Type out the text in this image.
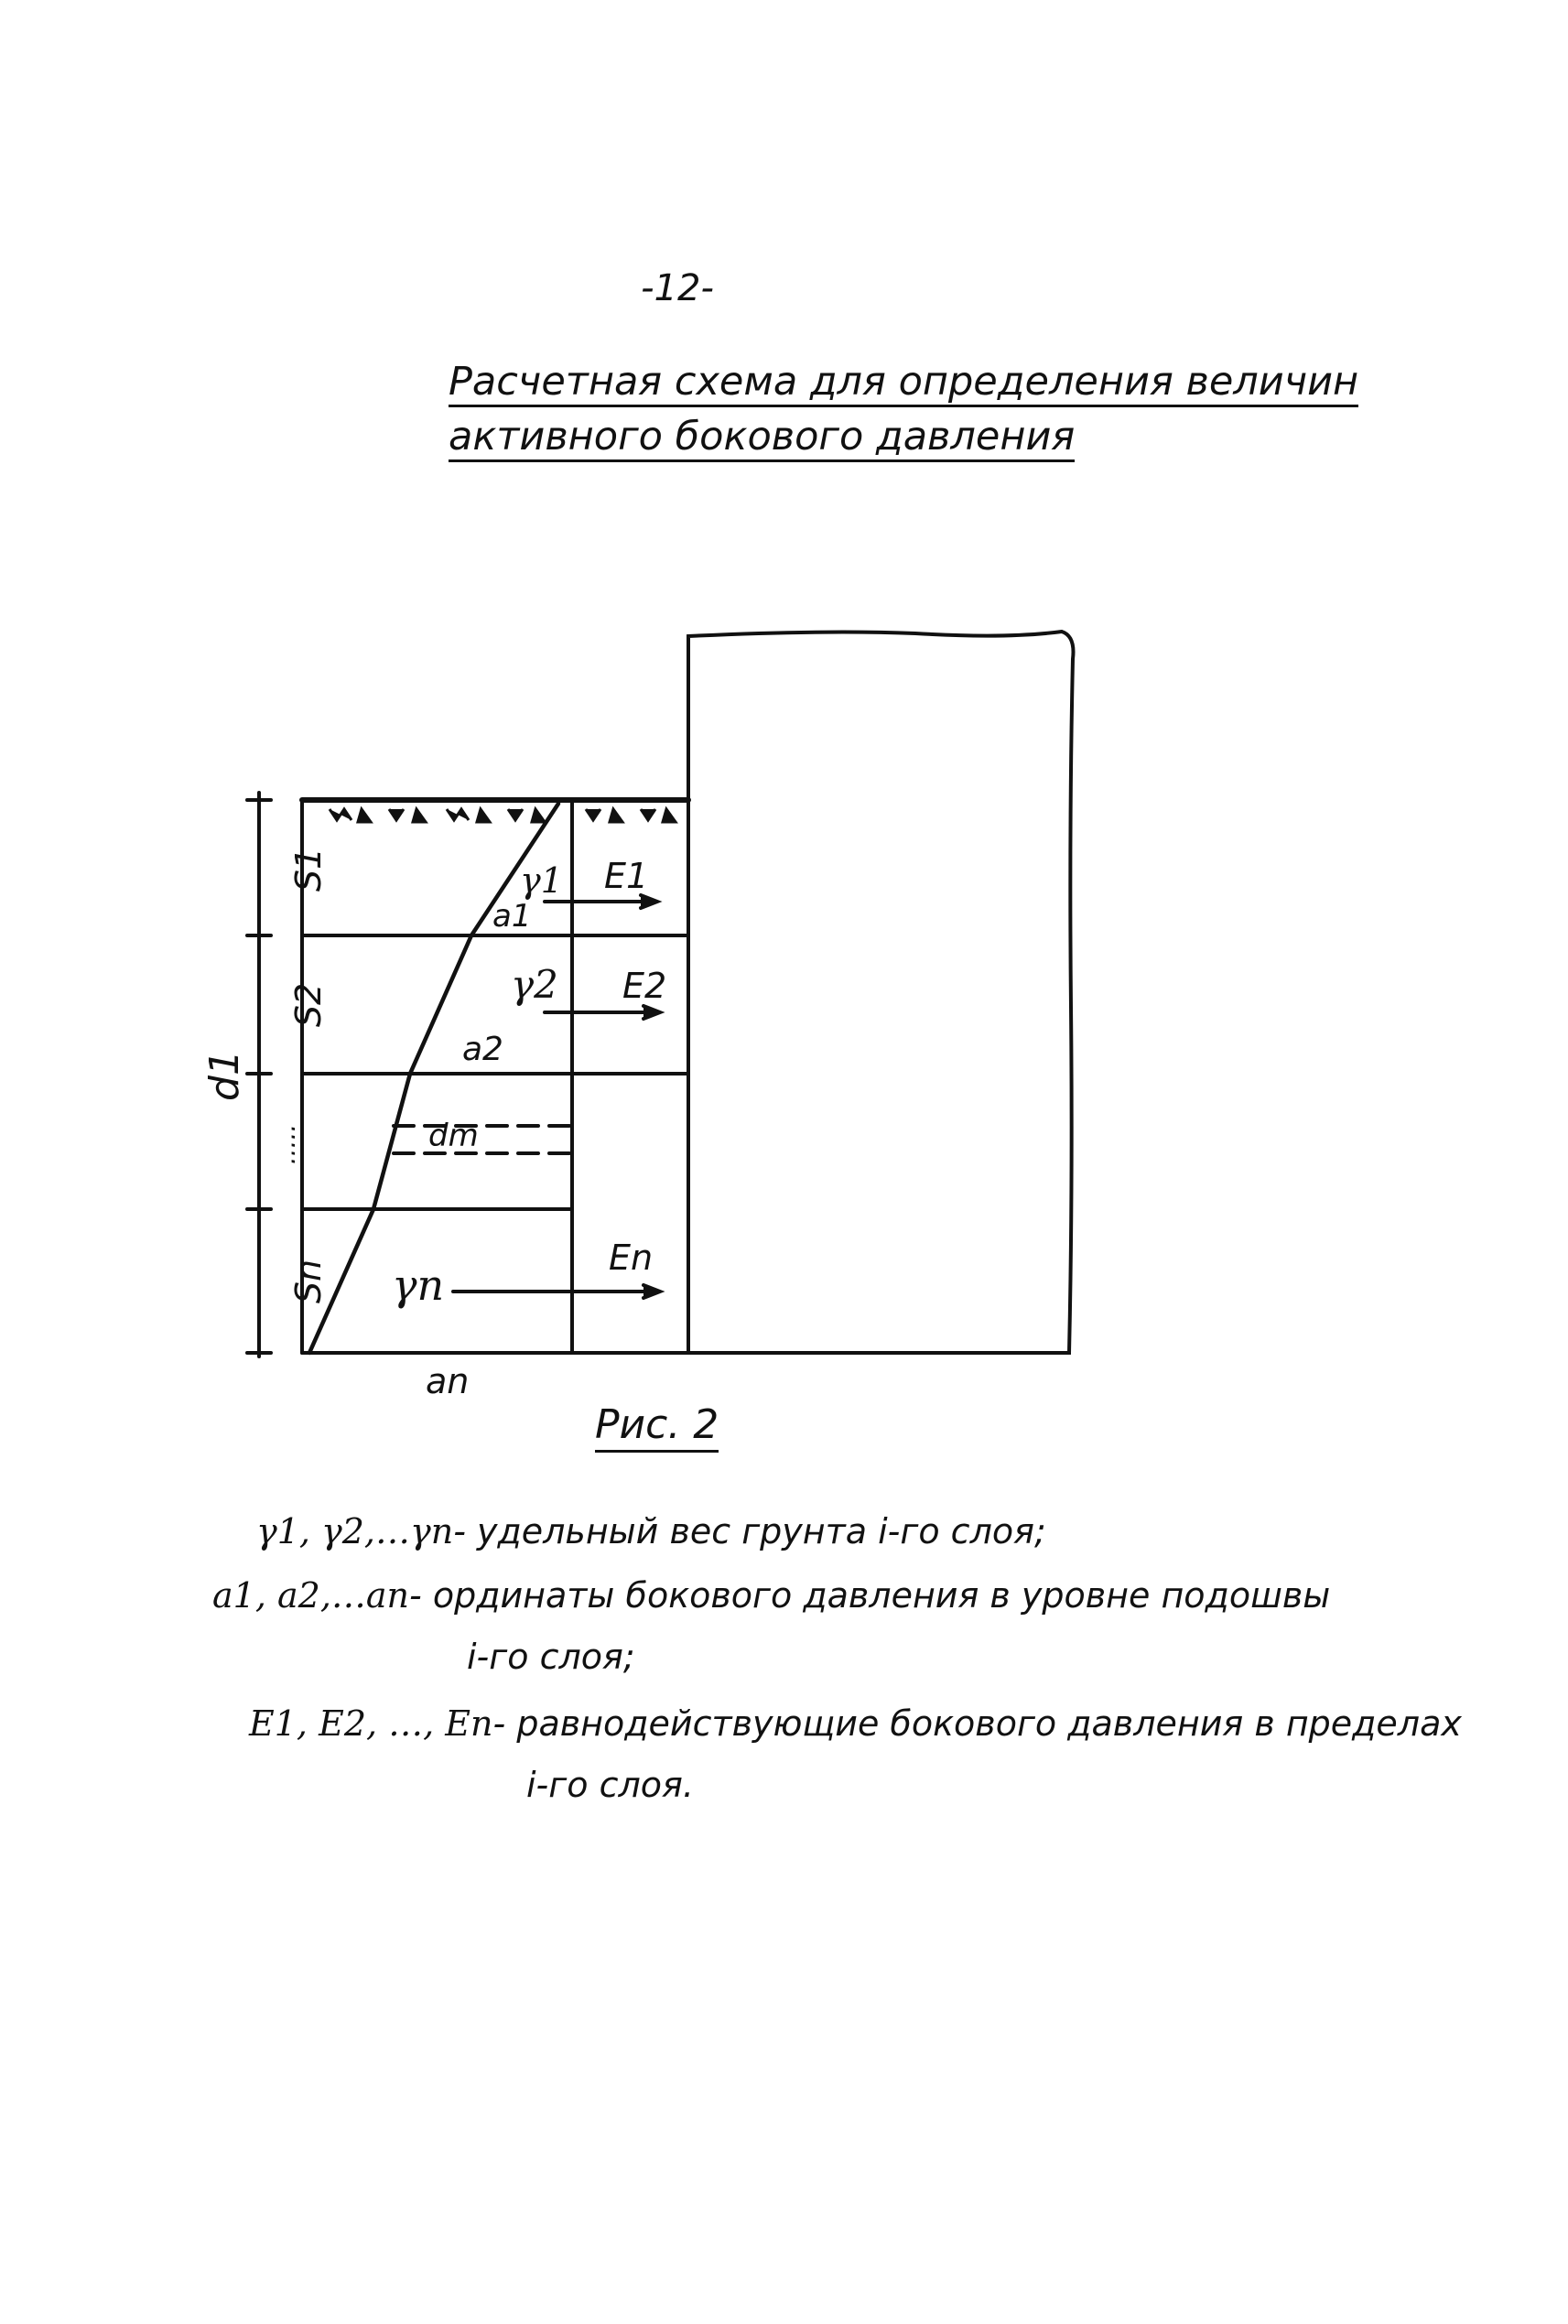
-12-
Расчетная схема для определения величин
активного бокового давления
S1
S2
.....
Sn
d1
γ1
γ2
γn
E1
E2
En
a1
a2
an
dm
Рис. 2
γ1, γ2,…γn- удельный вес грунта i-го слоя;
a1, a2,…an- ординаты бокового давления в уровне подошвы
i-го слоя;
E1, E2, …, En- равнодействующие бокового давления в пределах
i-го слоя.
